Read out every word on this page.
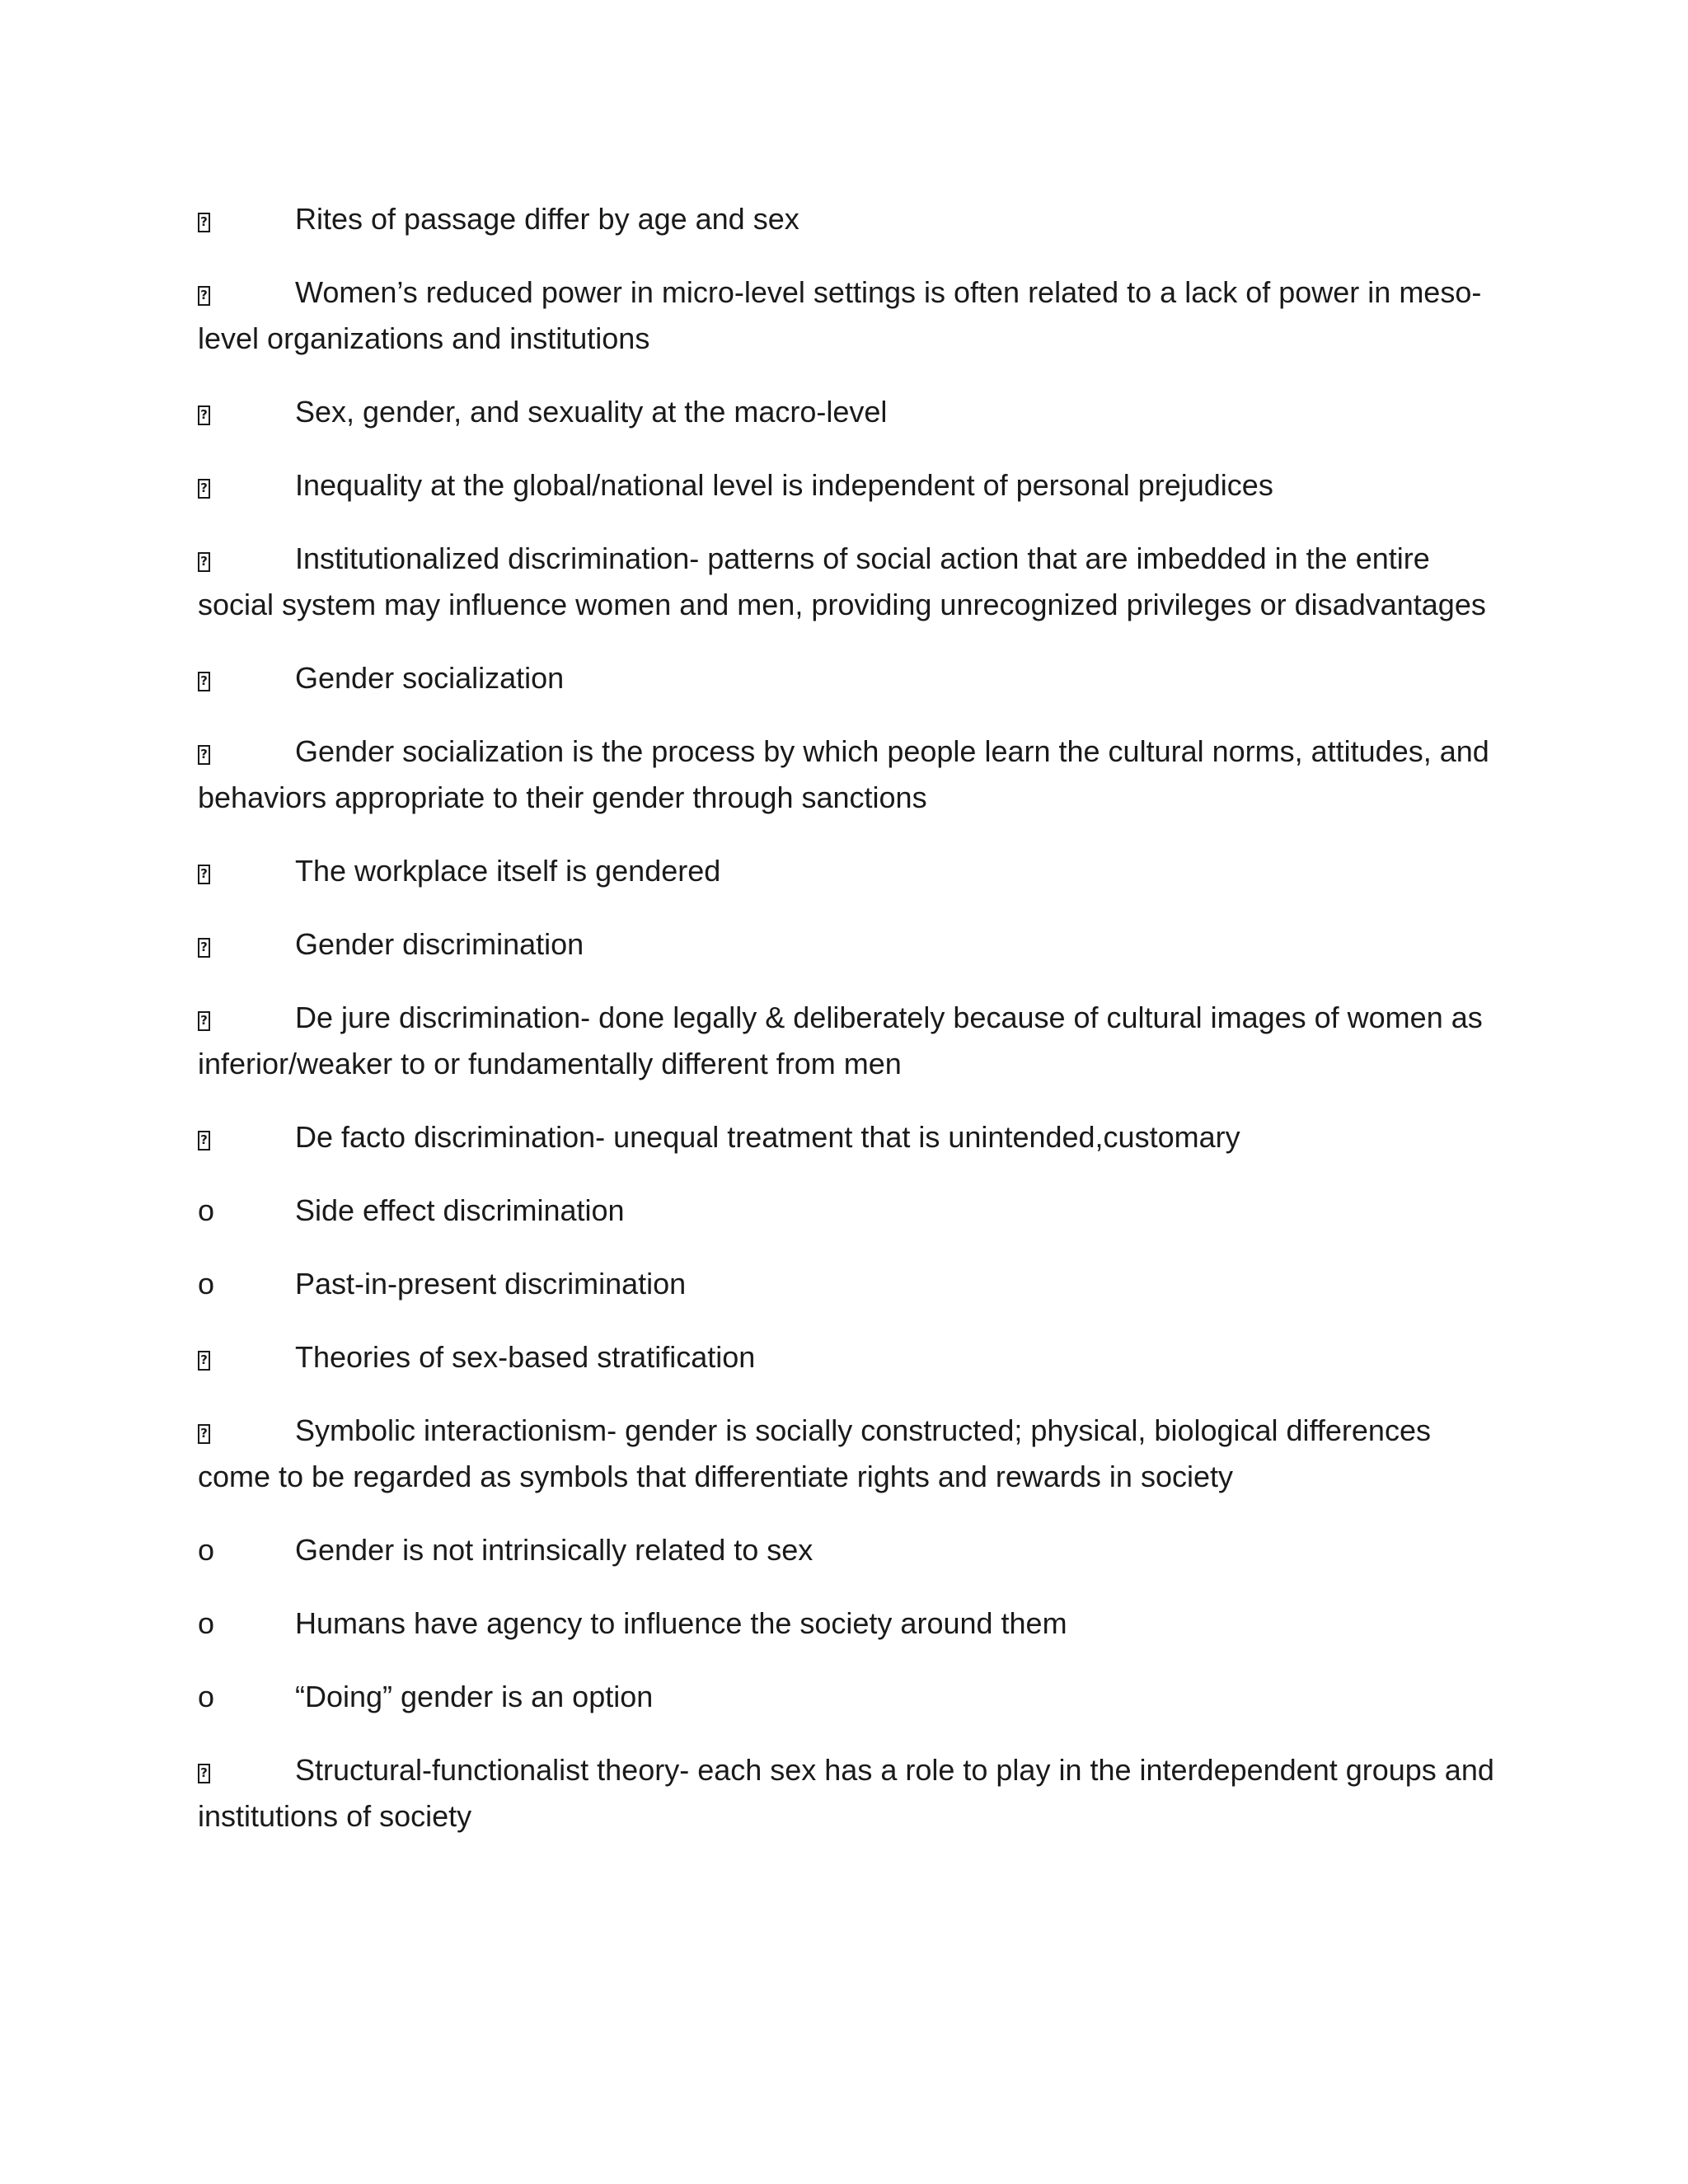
?
Rites of passage differ by age and sex

?
Women’s reduced power in micro-level settings is often related to a lack of power in meso-level organizations and institutions

?
Sex, gender, and sexuality at the macro-level

?
Inequality at the global/national level is independent of personal prejudices

?
Institutionalized discrimination- patterns of social action that are imbedded in the entire social system may influence women and men, providing unrecognized privileges or disadvantages

?
Gender socialization

?
Gender socialization is the process by which people learn the cultural norms, attitudes, and behaviors appropriate to their gender through sanctions

?
The workplace itself is gendered

?
Gender discrimination

?
De jure discrimination- done legally & deliberately because of cultural images of women as inferior/weaker to or fundamentally different from men

?
De facto discrimination- unequal treatment that is unintended,customary

o	Side effect discrimination

o	Past-in-present discrimination

?
Theories of sex-based stratification

?
Symbolic interactionism- gender is socially constructed; physical, biological differences come to be regarded as symbols that differentiate rights and rewards in society

o	Gender is not intrinsically related to sex

o	Humans have agency to influence the society around them

o	“Doing” gender is an option

?
Structural-functionalist theory- each sex has a role to play in the interdependent groups and institutions of society
